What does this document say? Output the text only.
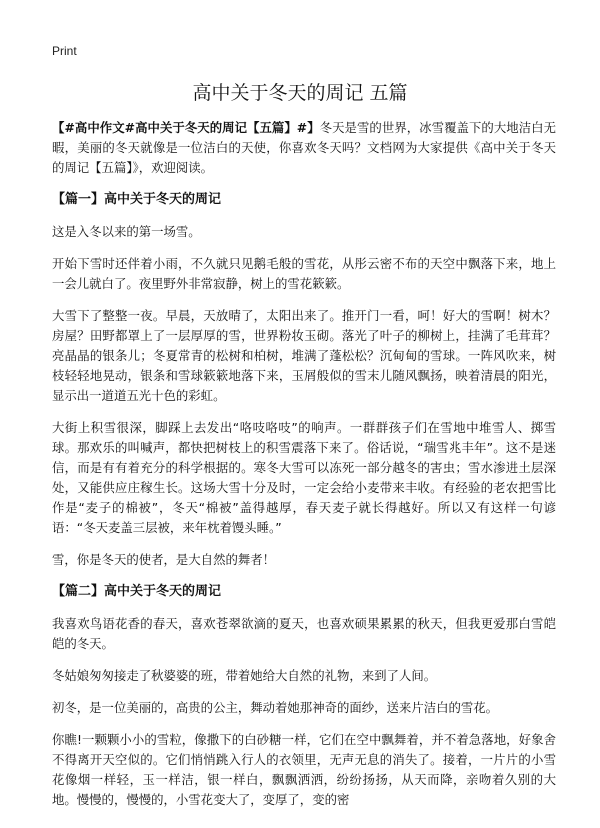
Print
高中关于冬天的周记 五篇

【#高中作文#高中关于冬天的周记【五篇】#】冬天是雪的世界，冰雪覆盖下的大地洁白无暇，美丽的冬天就像是一位洁白的天使，你喜欢冬天吗？文档网为大家提供《高中关于冬天的周记【五篇】》，欢迎阅读。

【篇一】高中关于冬天的周记

这是入冬以来的第一场雪。

开始下雪时还伴着小雨，不久就只见鹅毛般的雪花，从彤云密不布的天空中飘落下来，地上一会儿就白了。夜里野外非常寂静，树上的雪花簌簌。

大雪下了整整一夜。早晨，天放晴了，太阳出来了。推开门一看，呵！好大的雪啊！树木？房屋？田野都罩上了一层厚厚的雪，世界粉妆玉砌。落光了叶子的柳树上，挂满了毛茸茸？亮晶晶的银条儿；冬夏常青的松树和柏树，堆满了蓬松松？沉甸甸的雪球。一阵风吹来，树枝轻轻地晃动，银条和雪球簌簌地落下来，玉屑般似的雪末儿随风飘扬，映着清晨的阳光，显示出一道道五光十色的彩虹。

大街上积雪很深，脚踩上去发出“咯吱咯吱”的响声。一群群孩子们在雪地中堆雪人、掷雪球。那欢乐的叫喊声，都快把树枝上的积雪震落下来了。俗话说，“瑞雪兆丰年”。这不是迷信，而是有有着充分的科学根据的。寒冬大雪可以冻死一部分越冬的害虫；雪水渗进土层深处，又能供应庄稼生长。这场大雪十分及时，一定会给小麦带来丰收。有经验的老农把雪比作是“麦子的棉被”，冬天“棉被”盖得越厚，春天麦子就长得越好。所以又有这样一句谚语：“冬天麦盖三层被，来年枕着馒头睡。”

雪，你是冬天的使者，是大自然的舞者！

【篇二】高中关于冬天的周记

我喜欢鸟语花香的春天，喜欢苍翠欲滴的夏天，也喜欢硕果累累的秋天，但我更爱那白雪皑皑的冬天。

冬姑娘匆匆接走了秋婆婆的班，带着她给大自然的礼物，来到了人间。

初冬，是一位美丽的，高贵的公主，舞动着她那神奇的面纱，送来片洁白的雪花。

你瞧!一颗颗小小的雪粒，像撒下的白砂糖一样，它们在空中飘舞着，并不着急落地，好象舍不得离开天空似的。它们悄悄跳入行人的衣领里，无声无息的消失了。接着，一片片的小雪花像烟一样轻，玉一样洁，银一样白，飘飘洒洒，纷纷扬扬，从天而降，亲吻着久别的大地。慢慢的，慢慢的，小雪花变大了，变厚了，变的密
